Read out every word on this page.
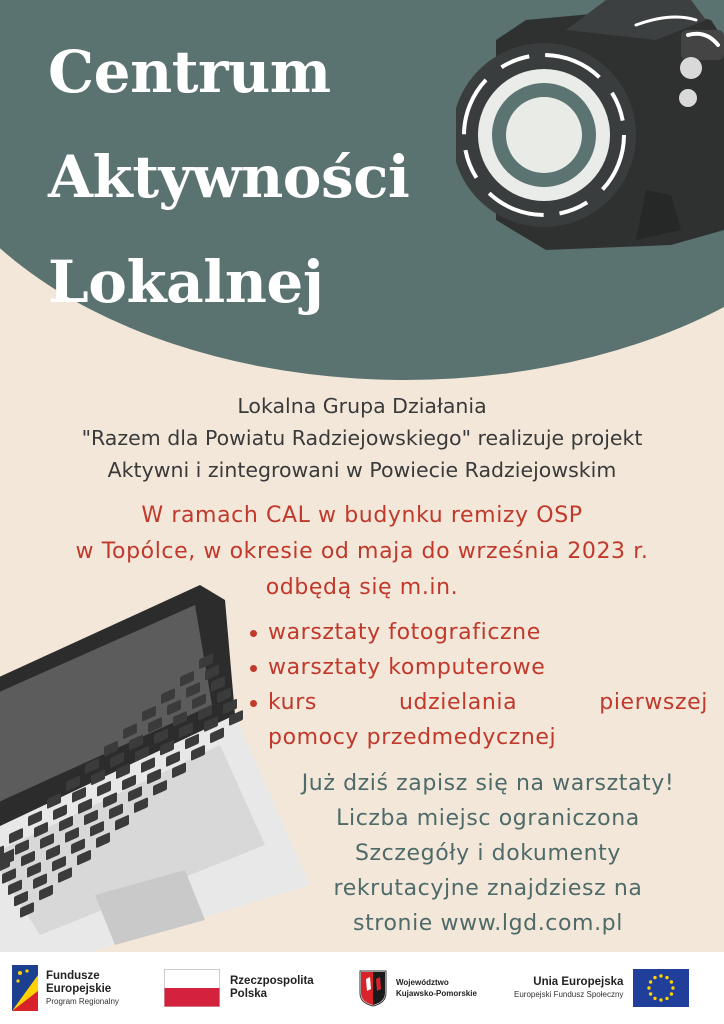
Centrum
Aktywności
Lokalnej
Lokalna Grupa Działania
"Razem dla Powiatu Radziejowskiego" realizuje projekt
Aktywni i zintegrowani w Powiecie Radziejowskim
W ramach CAL w budynku remizy OSP
w Topólce, w okresie od maja do września 2023 r.
odbędą się m.in.
warsztaty fotograficzne
warsztaty komputerowe
kurs	udzielania	pierwszej
pomocy przedmedycznej
Już dziś zapisz się na warsztaty!
Liczba miejsc ograniczona
Szczegóły i dokumenty
rekrutacyjne znajdziesz na
stronie www.lgd.com.pl
Fundusze
Europejskie
Program Regionalny
Rzeczpospolita
Polska
Województwo
Kujawsko-Pomorskie
Unia Europejska
Europejski Fundusz Społeczny
